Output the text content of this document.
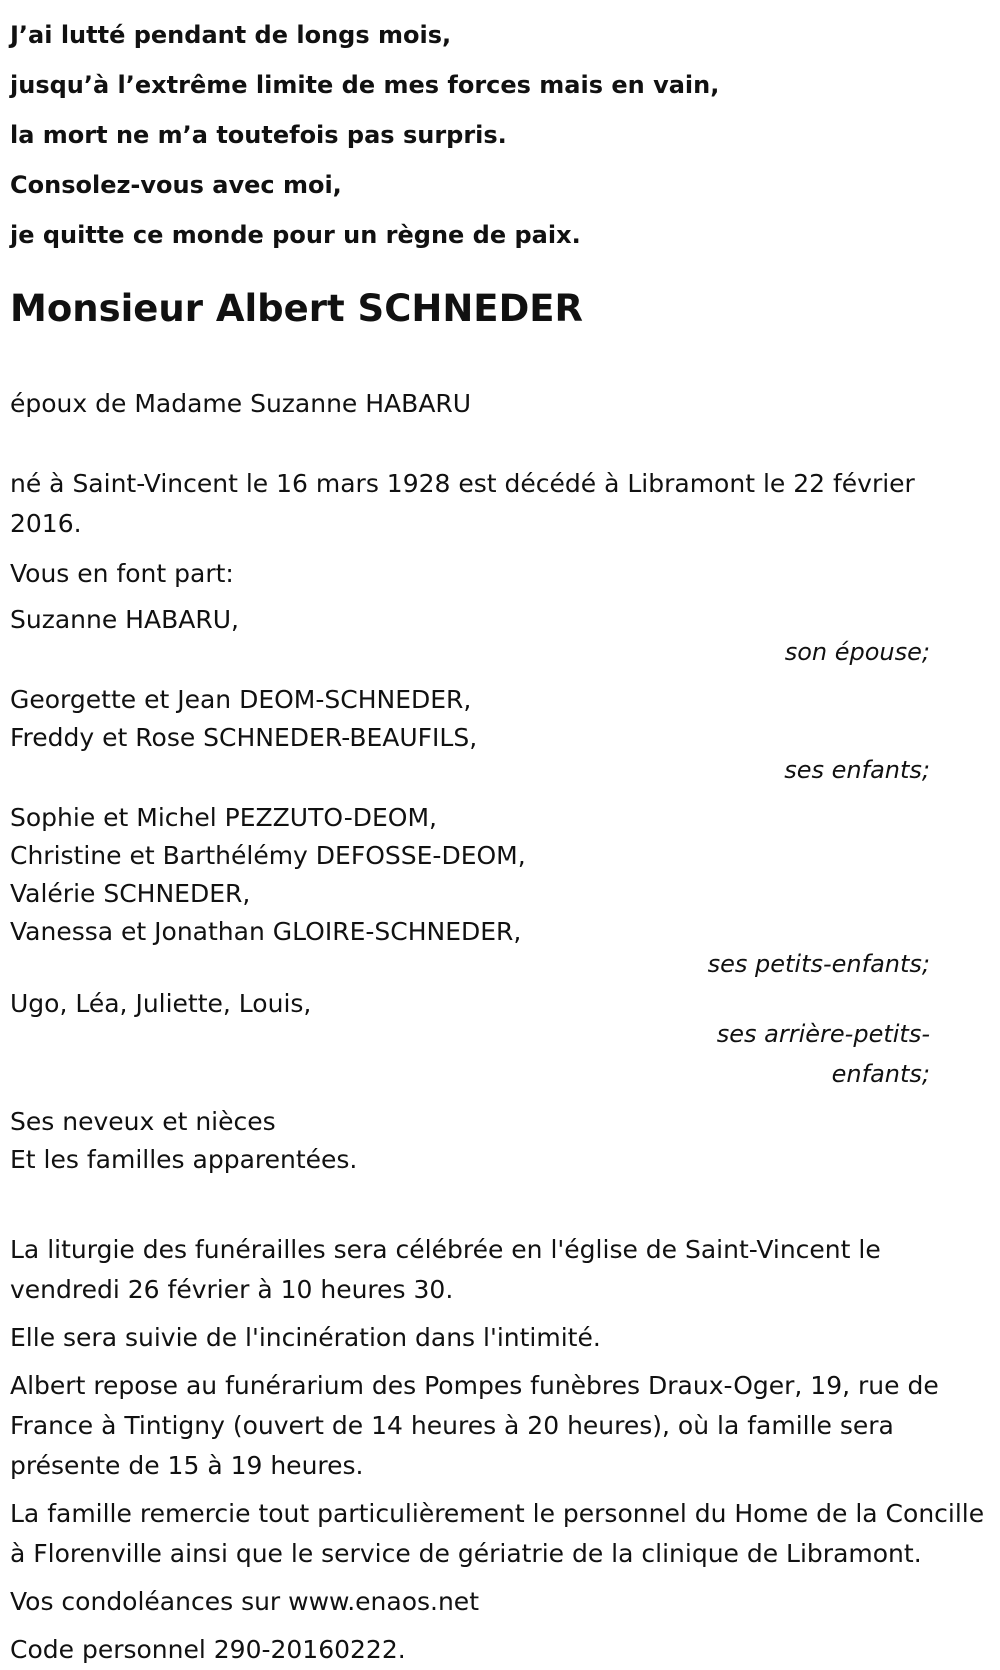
J’ai lutté pendant de longs mois,
jusqu’à l’extrême limite de mes forces mais en vain,
la mort ne m’a toutefois pas surpris.
Consolez-vous avec moi,
je quitte ce monde pour un règne de paix.
Monsieur Albert SCHNEDER
époux de Madame Suzanne HABARU
né à Saint-Vincent le 16 mars 1928 est décédé à Libramont le 22 février 2016.
Vous en font part:
Suzanne HABARU,
son épouse;
Georgette et Jean DEOM-SCHNEDER,
Freddy et Rose SCHNEDER-BEAUFILS,
ses enfants;
Sophie et Michel PEZZUTO-DEOM,
Christine et Barthélémy DEFOSSE-DEOM,
Valérie SCHNEDER,
Vanessa et Jonathan GLOIRE-SCHNEDER,
ses petits-enfants;
Ugo, Léa, Juliette, Louis,
ses arrière-petits-
enfants;
Ses neveux et nièces
Et les familles apparentées.
La liturgie des funérailles sera célébrée en l'église de Saint-Vincent le vendredi 26 février à 10 heures 30.
Elle sera suivie de l'incinération dans l'intimité.
Albert repose au funérarium des Pompes funèbres Draux-Oger, 19, rue de France à Tintigny (ouvert de 14 heures à 20 heures), où la famille sera présente de 15 à 19 heures.
La famille remercie tout particulièrement le personnel du Home de la Concille à Florenville ainsi que le service de gériatrie de la clinique de Libramont.
Vos condoléances sur www.enaos.net
Code personnel 290-20160222.
